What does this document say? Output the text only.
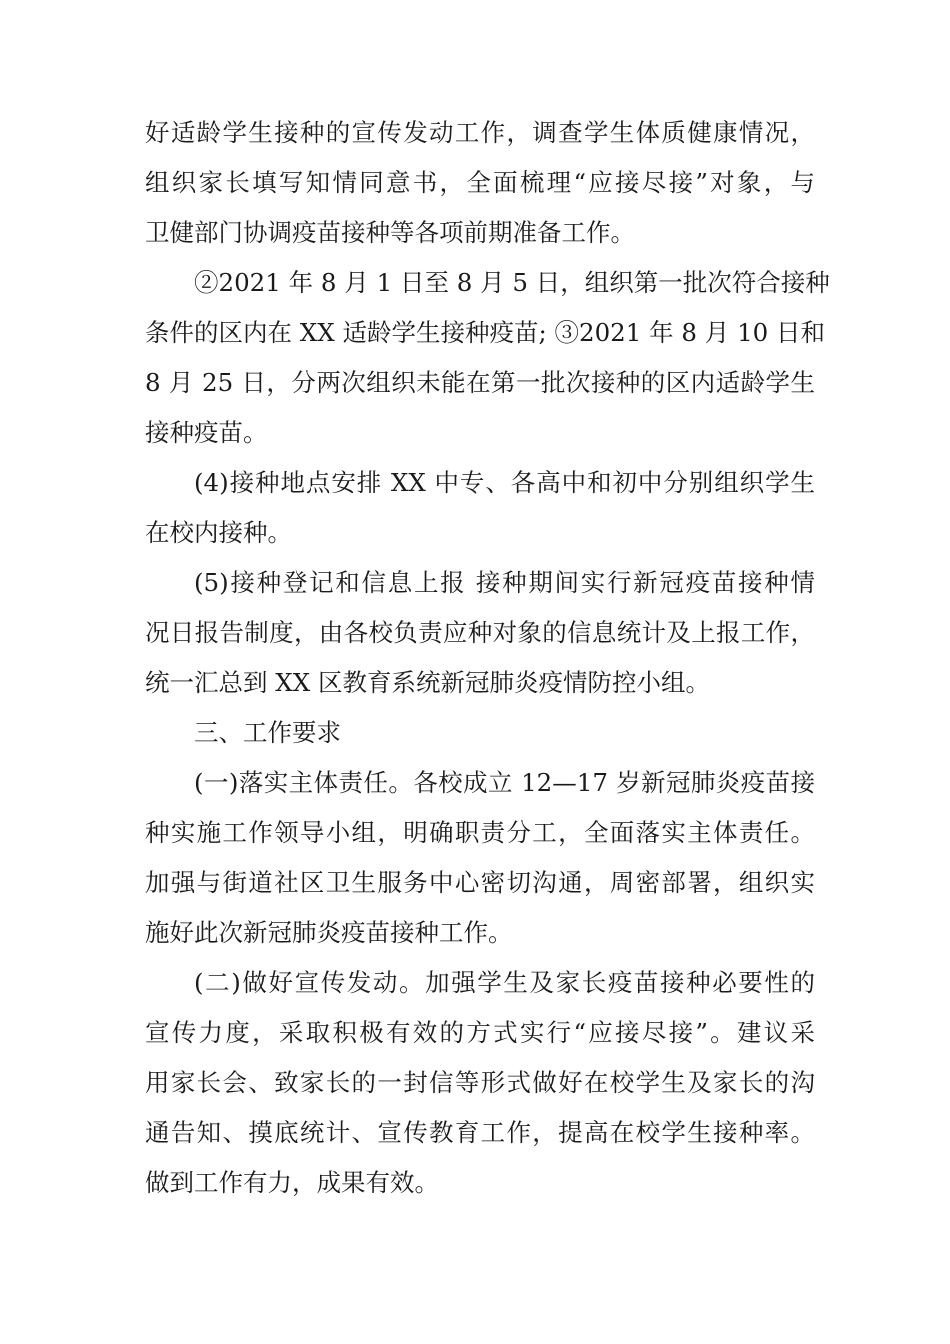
好适龄学生接种的宣传发动工作，调查学生体质健康情况，
组织家长填写知情同意书，全面梳理“应接尽接”对象，与
卫健部门协调疫苗接种等各项前期准备工作。
②2021 年 8 月 1 日至 8 月 5 日，组织第一批次符合接种
条件的区内在 XX 适龄学生接种疫苗; ③2021 年 8 月 10 日和
8 月 25 日，分两次组织未能在第一批次接种的区内适龄学生
接种疫苗。
(4)接种地点安排 XX 中专、各高中和初中分别组织学生
在校内接种。
(5)接种登记和信息上报 接种期间实行新冠疫苗接种情
况日报告制度，由各校负责应种对象的信息统计及上报工作，
统一汇总到 XX 区教育系统新冠肺炎疫情防控小组。
三、工作要求
(一)落实主体责任。各校成立 12—17 岁新冠肺炎疫苗接
种实施工作领导小组，明确职责分工，全面落实主体责任。
加强与街道社区卫生服务中心密切沟通，周密部署，组织实
施好此次新冠肺炎疫苗接种工作。
(二)做好宣传发动。加强学生及家长疫苗接种必要性的
宣传力度，采取积极有效的方式实行“应接尽接”。建议采
用家长会、致家长的一封信等形式做好在校学生及家长的沟
通告知、摸底统计、宣传教育工作，提高在校学生接种率。
做到工作有力，成果有效。
